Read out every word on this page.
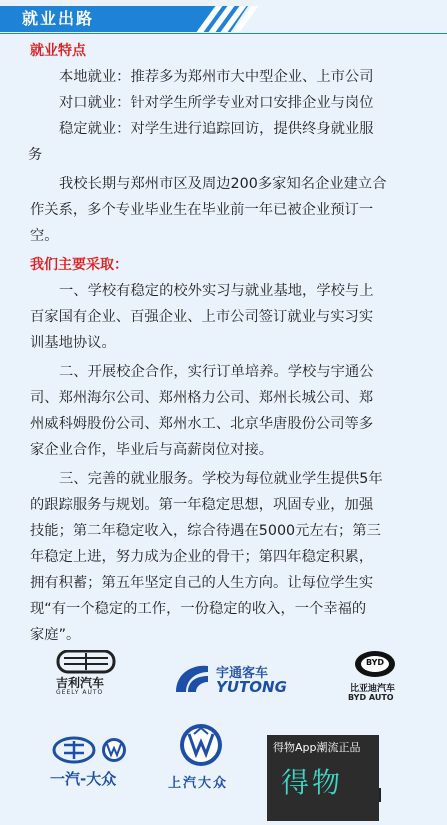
就业出路
就业特点
本地就业：推荐多为郑州市大中型企业、上市公司
对口就业：针对学生所学专业对口安排企业与岗位
稳定就业：对学生进行追踪回访，提供终身就业服
务
我校长期与郑州市区及周边200多家知名企业建立合
作关系，多个专业毕业生在毕业前一年已被企业预订一
空。
我们主要采取：
一、学校有稳定的校外实习与就业基地，学校与上
百家国有企业、百强企业、上市公司签订就业与实习实
训基地协议。
二、开展校企合作，实行订单培养。学校与宇通公
司、郑州海尔公司、郑州格力公司、郑州长城公司、郑
州威科姆股份公司、郑州水工、北京华唐股份公司等多
家企业合作，毕业后与高薪岗位对接。
三、完善的就业服务。学校为每位就业学生提供5年
的跟踪服务与规划。第一年稳定思想，巩固专业，加强
技能；第二年稳定收入，综合待遇在5000元左右；第三
年稳定上进，努力成为企业的骨干；第四年稳定积累，
拥有积蓄；第五年坚定自己的人生方向。让每位学生实
现“有一个稳定的工作，一份稳定的收入，一个幸福的
家庭”。
吉利汽车
GEELY AUTO
宇通客车
YUTONG
BYD
比亚迪汽车
BYD AUTO
一汽-大众	上汽大众
得物App潮流正品
得物
